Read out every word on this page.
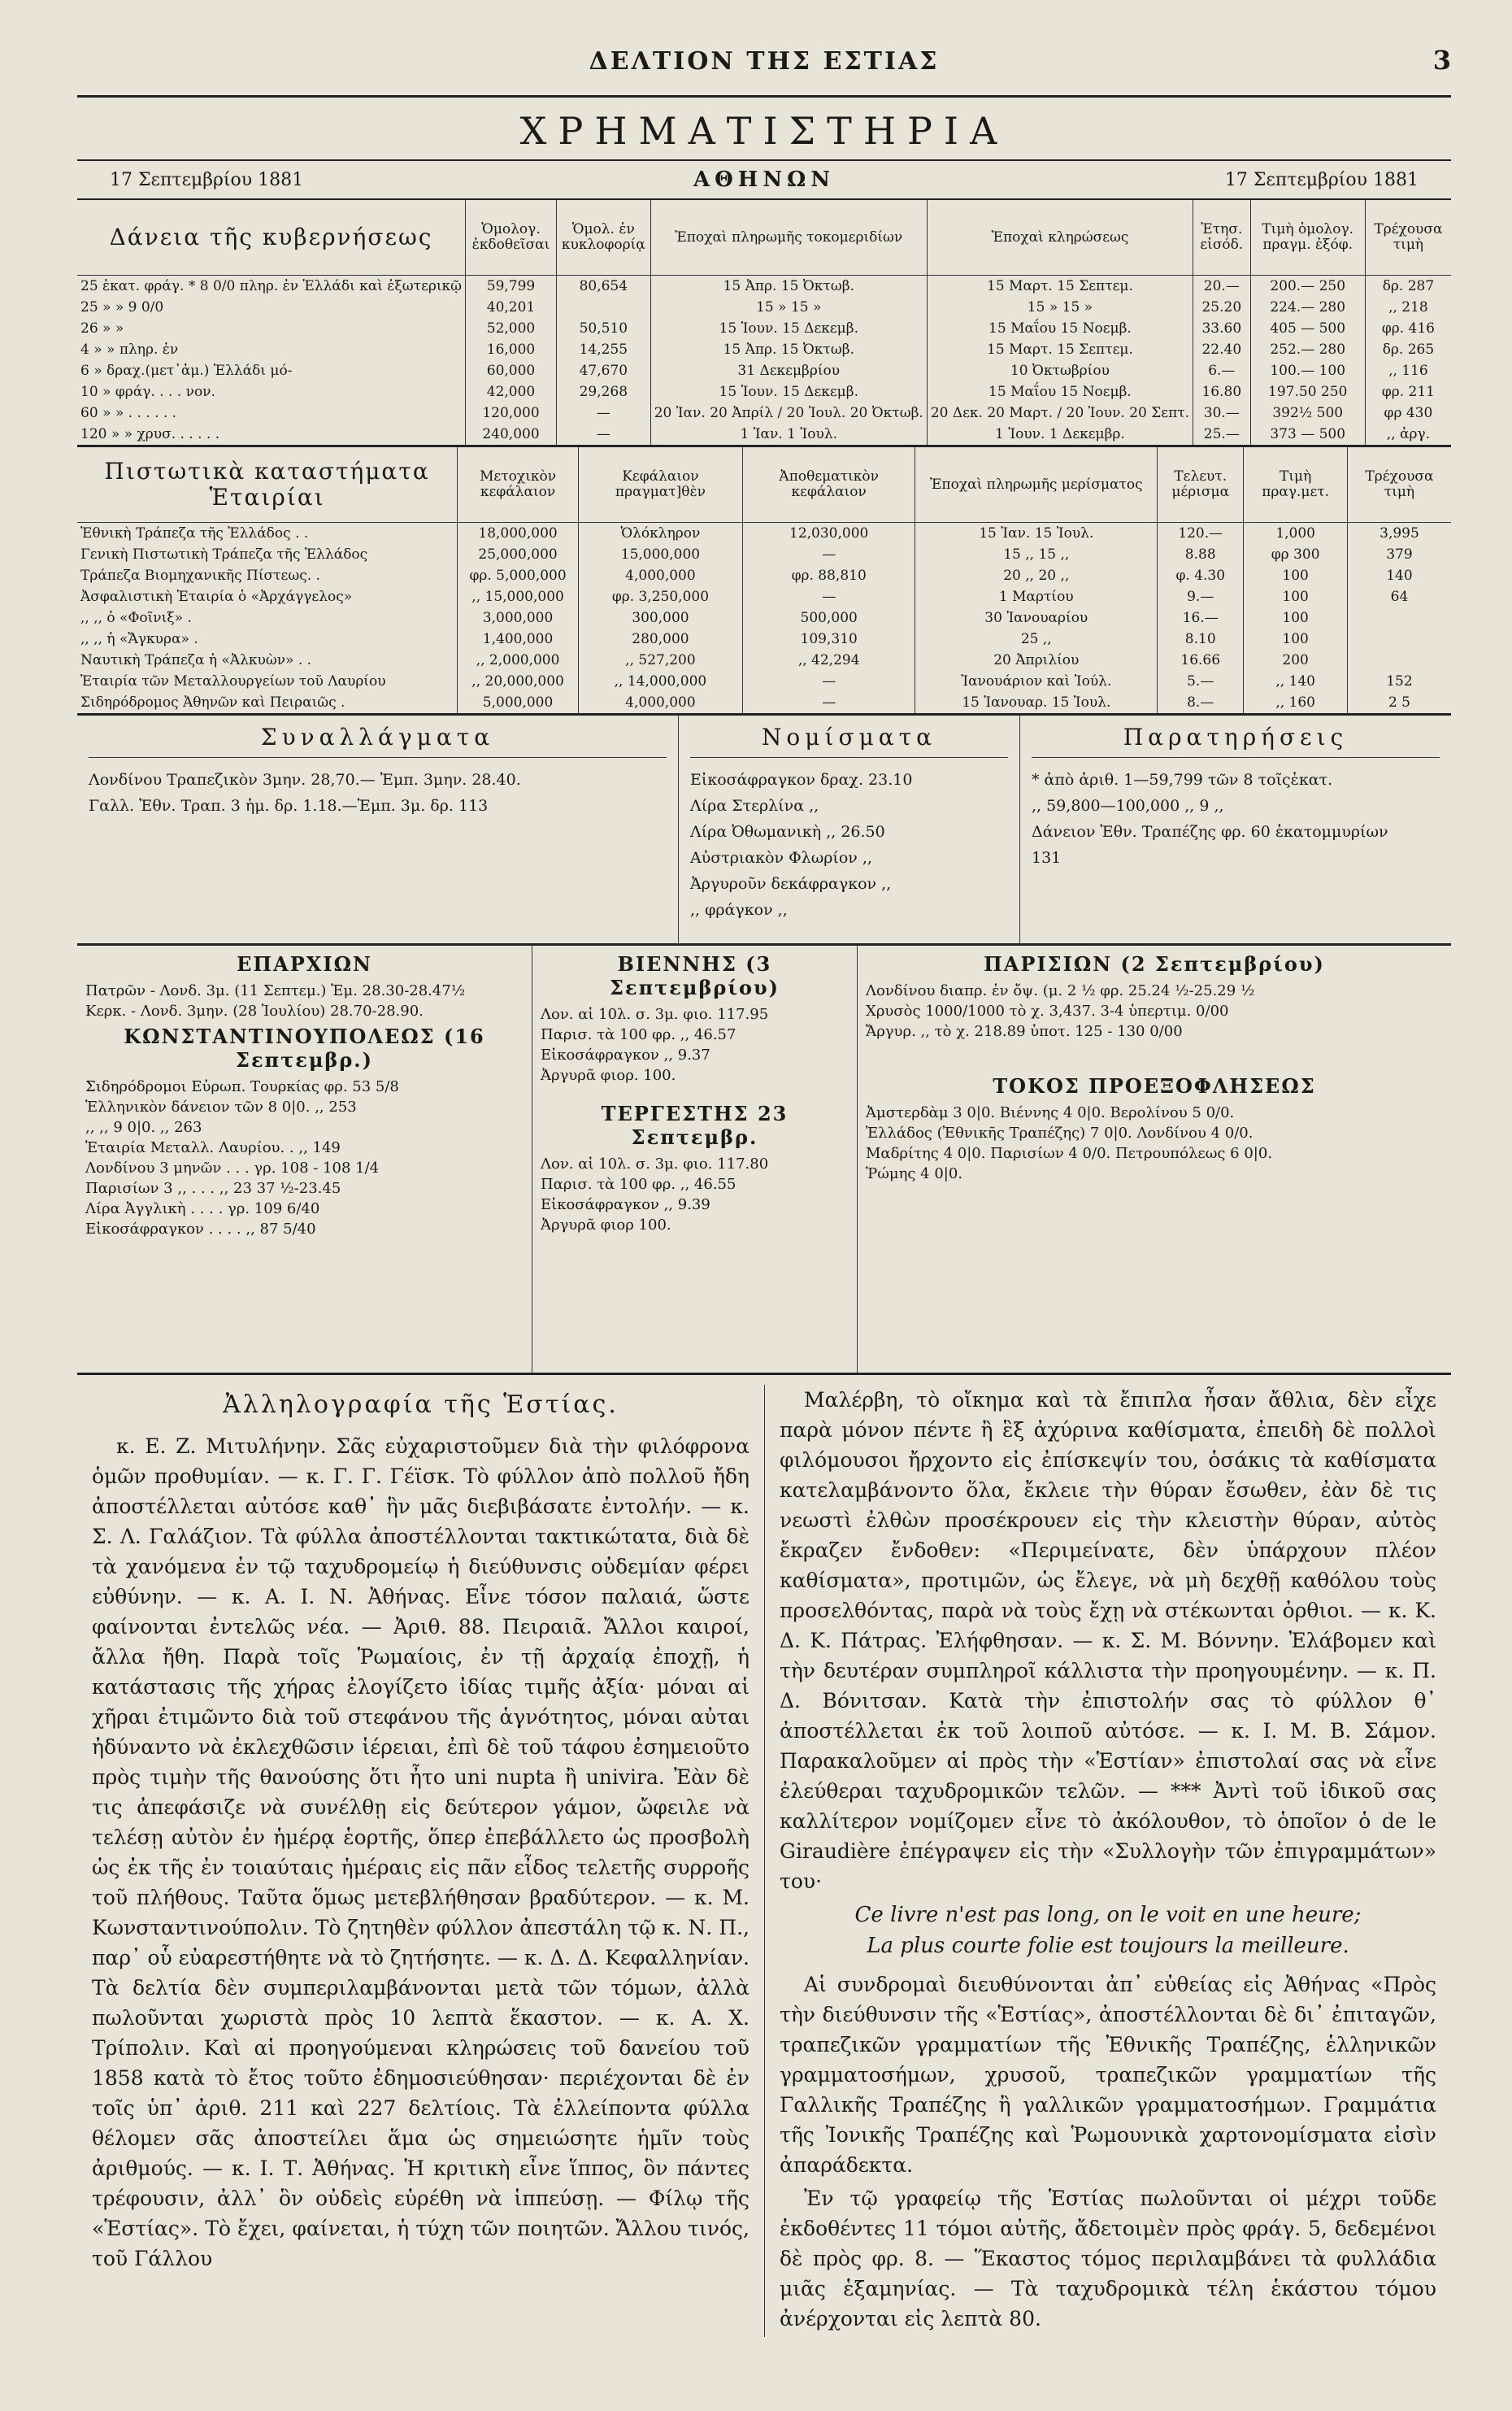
ΔΕΛΤΙΟΝ ΤΗΣ ΕΣΤΙΑΣ	3
ΧΡΗΜΑΤΙΣΤΗΡΙΑ
17 Σεπτεμβρίου 1881	ΑΘΗΝΩΝ	17 Σεπτεμβρίου 1881
Δάνεια τῆς κυβερνήσεως	Ὁμολογ. ἐκδοθεῖσαι	Ὁμολ. ἐν κυκλοφορίᾳ	Ἐποχαὶ πληρωμῆς τοκομεριδίων	Ἐποχαὶ κληρώσεως	Ἐτησ. εἰσόδ.	Τιμὴ ὁμολογ. πραγμ. ἐξόφ.	Τρέχουσα τιμὴ
25 ἑκατ. φράγ. * 8 0/0 πληρ. ἐν Ἑλλάδι καὶ ἐξωτερικῷ	59,799	80,654	15 Ἀπρ. 15 Ὀκτωβ.	15 Μαρτ. 15 Σεπτεμ.	20.—	200.— 250	δρ. 287
25 » » 9 0/0	40,201		15 » 15 »	15 » 15 »	25.20	224.— 280	,, 218
26 » »	52,000	50,510	15 Ἰουν. 15 Δεκεμβ.	15 Μαΐου 15 Νοεμβ.	33.60	405 — 500	φρ. 416
4 » » πληρ. ἐν	16,000	14,255	15 Ἀπρ. 15 Ὀκτωβ.	15 Μαρτ. 15 Σεπτεμ.	22.40	252.— 280	δρ. 265
6 » δραχ.(μετ᾽ἀμ.) Ἑλλάδι μό-	60,000	47,670	31 Δεκεμβρίου	10 Ὀκτωβρίου	6.—	100.— 100	,, 116
10 » φράγ. . . . νον.	42,000	29,268	15 Ἰουν. 15 Δεκεμβ.	15 Μαΐου 15 Νοεμβ.	16.80	197.50 250	φρ. 211
60 » » . . . . . .	120,000	—	20 Ἰαν. 20 Ἀπρίλ / 20 Ἰουλ. 20 Ὀκτωβ.	20 Δεκ. 20 Μαρτ. / 20 Ἰουν. 20 Σεπτ.	30.—	392½ 500	φρ 430
120 » » χρυσ. . . . . .	240,000	—	1 Ἰαν. 1 Ἰουλ.	1 Ἰουν. 1 Δεκεμβρ.	25.—	373 — 500	,, ἀργ.
Πιστωτικὰ καταστήματα Ἑταιρίαι	Μετοχικὸν κεφάλαιον	Κεφάλαιον πραγματ]θὲν	Ἀποθεματικὸν κεφάλαιον	Ἐποχαὶ πληρωμῆς μερίσματος	Τελευτ. μέρισμα	Τιμὴ πραγ.μετ.	Τρέχουσα τιμὴ
Ἐθνικὴ Τράπεζα τῆς Ἑλλάδος . .	18,000,000	Ὁλόκληρον	12,030,000	15 Ἰαν. 15 Ἰουλ.	120.—	1,000	3,995
Γενικὴ Πιστωτικὴ Τράπεζα τῆς Ἑλλάδος	25,000,000	15,000,000	—	15 ,, 15 ,,	8.88	φρ 300	379
Τράπεζα Βιομηχανικῆς Πίστεως. .	φρ. 5,000,000	4,000,000	φρ. 88,810	20 ,, 20 ,,	φ. 4.30	100	140
Ἀσφαλιστικὴ Ἑταιρία ὁ «Ἀρχάγγελος»	,, 15,000,000	φρ. 3,250,000	—	1 Μαρτίου	9.—	100	64
,, ,, ὁ «Φοῖνιξ» .	3,000,000	300,000	500,000	30 Ἰανουαρίου	16.—	100	
,, ,, ἡ «Ἄγκυρα» .	1,400,000	280,000	109,310	25 ,,	8.10	100	
Ναυτικὴ Τράπεζα ἡ «Ἀλκυὼν» . .	,, 2,000,000	,, 527,200	,, 42,294	20 Ἀπριλίου	16.66	200	
Ἑταιρία τῶν Μεταλλουργείων τοῦ Λαυρίου	,, 20,000,000	,, 14,000,000	—	Ἰανουάριον καὶ Ἰούλ.	5.—	,, 140	152
Σιδηρόδρομος Ἀθηνῶν καὶ Πειραιῶς .	5,000,000	4,000,000	—	15 Ἰανουαρ. 15 Ἰουλ.	8.—	,, 160	2 5
Συναλλάγματα

Λονδίνου Τραπεζικὸν 3μην. 28,70.— Ἐμπ. 3μην. 28.40.

Γαλλ. Ἐθν. Τραπ. 3 ἡμ. δρ. 1.18.—Ἐμπ. 3μ. δρ. 113

Νομίσματα

Εἰκοσάφραγκον δραχ. 23.10

Λίρα Στερλίνα ,,

Λίρα Ὀθωμανικὴ ,, 26.50

Αὐστριακὸν Φλωρίον ,,

Ἀργυροῦν δεκάφραγκον ,,

,, φράγκον ,,

Παρατηρήσεις

* ἀπὸ ἀριθ. 1—59,799 τῶν 8 τοῖςἑκατ.

,, 59,800—100,000 ,, 9 ,,

Δάνειον Ἐθν. Τραπέζης φρ. 60 ἑκατομμυρίων

131

ΕΠΑΡΧΙΩΝ

Πατρῶν - Λονδ. 3μ. (11 Σεπτεμ.) Ἐμ. 28.30-28.47½

Κερκ. - Λονδ. 3μην. (28 Ἰουλίου) 28.70-28.90.

ΚΩΝΣΤΑΝΤΙΝΟΥΠΟΛΕΩΣ (16 Σεπτεμβρ.)

Σιδηρόδρομοι Εὐρωπ. Τουρκίας φρ. 53 5/8

Ἑλληνικὸν δάνειον τῶν 8 0|0. ,, 253

,, ,, 9 0|0. ,, 263

Ἑταιρία Μεταλλ. Λαυρίου. . ,, 149

Λονδίνου 3 μηνῶν . . . γρ. 108 - 108 1/4

Παρισίων 3 ,, . . . ,, 23 37 ½-23.45

Λίρα Ἀγγλικὴ . . . . γρ. 109 6/40

Εἰκοσάφραγκον . . . . ,, 87 5/40

ΒΙΕΝΝΗΣ (3 Σεπτεμβρίου)

Λον. αἱ 10λ. σ. 3μ. φιο. 117.95

Παρισ. τὰ 100 φρ. ,, 46.57

Εἰκοσάφραγκον ,, 9.37

Ἀργυρᾶ φιορ. 100.

ΤΕΡΓΕΣΤΗΣ 23 Σεπτεμβρ.

Λον. αἱ 10λ. σ. 3μ. φιο. 117.80

Παρισ. τὰ 100 φρ. ,, 46.55

Εἰκοσάφραγκον ,, 9.39

Ἀργυρᾶ φιορ 100.

ΠΑΡΙΣΙΩΝ (2 Σεπτεμβρίου)

Λονδίνου διαπρ. ἐν ὄψ. (μ. 2 ½ φρ. 25.24 ½-25.29 ½

Χρυσὸς 1000/1000 τὸ χ. 3,437. 3-4 ὑπερτιμ. 0/00

Ἄργυρ. ,, τὸ χ. 218.89 ὑποτ. 125 - 130 0/00

ΤΟΚΟΣ ΠΡΟΕΞΟΦΛΗΣΕΩΣ

Ἀμστερδὰμ 3 0|0. Βιέννης 4 0|0. Βερολίνου 5 0/0.

Ἑλλάδος (Ἐθνικῆς Τραπέζης) 7 0|0. Λονδίνου 4 0/0.

Μαδρίτης 4 0|0. Παρισίων 4 0/0. Πετρουπόλεως 6 0|0.

Ῥώμης 4 0|0.

Ἀλληλογραφία τῆς Ἑστίας.

κ. Ε. Ζ. Μιτυλήνην. Σᾶς εὐχαριστοῦμεν διὰ τὴν φιλόφρονα ὁμῶν προθυμίαν. — κ. Γ. Γ. Γέϊσκ. Τὸ φύλλον ἀπὸ πολλοῦ ἤδη ἀποστέλλεται αὐτόσε καθ᾽ ἣν μᾶς διεβιβάσατε ἐντολήν. — κ. Σ. Λ. Γαλάζιον. Τὰ φύλλα ἀποστέλλονται τακτικώτατα, διὰ δὲ τὰ χανόμενα ἐν τῷ ταχυδρομείῳ ἡ διεύθυνσις οὐδεμίαν φέρει εὐθύνην. — κ. Α. Ι. Ν. Ἀθήνας. Εἶνε τόσον παλαιά, ὥστε φαίνονται ἐντελῶς νέα. — Ἀριθ. 88. Πειραιᾶ. Ἄλλοι καιροί, ἄλλα ἤθη. Παρὰ τοῖς Ῥωμαίοις, ἐν τῇ ἀρχαίᾳ ἐποχῇ, ἡ κατάστασις τῆς χήρας ἐλογίζετο ἰδίας τιμῆς ἀξία· μόναι αἱ χῆραι ἐτιμῶντο διὰ τοῦ στεφάνου τῆς ἁγνότητος, μόναι αὐται ἠδύναντο νὰ ἐκλεχθῶσιν ἱέρειαι, ἐπὶ δὲ τοῦ τάφου ἐσημειοῦτο πρὸς τιμὴν τῆς θανούσης ὅτι ἦτο uni nupta ἢ univira. Ἐὰν δὲ τις ἀπεφάσιζε νὰ συνέλθῃ εἰς δεύτερον γάμον, ὤφειλε νὰ τελέσῃ αὐτὸν ἐν ἡμέρᾳ ἑορτῆς, ὅπερ ἐπεβάλλετο ὡς προσβολὴ ὡς ἐκ τῆς ἐν τοιαύταις ἡμέραις εἰς πᾶν εἶδος τελετῆς συρροῆς τοῦ πλήθους. Ταῦτα ὅμως μετεβλήθησαν βραδύτερον. — κ. Μ. Κωνσταντινούπολιν. Τὸ ζητηθὲν φύλλον ἀπεστάλη τῷ κ. Ν. Π., παρ᾽ οὗ εὐαρεστήθητε νὰ τὸ ζητήσητε. — κ. Δ. Δ. Κεφαλληνίαν. Τὰ δελτία δὲν συμπεριλαμβάνονται μετὰ τῶν τόμων, ἀλλὰ πωλοῦνται χωριστὰ πρὸς 10 λεπτὰ ἕκαστον. — κ. Α. Χ. Τρίπολιν. Καὶ αἱ προηγούμεναι κληρώσεις τοῦ δανείου τοῦ 1858 κατὰ τὸ ἔτος τοῦτο ἐδημοσιεύθησαν· περιέχονται δὲ ἐν τοῖς ὑπ᾽ ἀριθ. 211 καὶ 227 δελτίοις. Τὰ ἐλλείποντα φύλλα θέλομεν σᾶς ἀποστείλει ἅμα ὡς σημειώσητε ἡμῖν τοὺς ἀριθμούς. — κ. Ι. Τ. Ἀθήνας. Ἡ κριτικὴ εἶνε ἵππος, ὃν πάντες τρέφουσιν, ἀλλ᾽ ὃν οὐδεὶς εὑρέθη νὰ ἱππεύσῃ. — Φίλῳ τῆς «Ἑστίας». Τὸ ἔχει, φαίνεται, ἡ τύχη τῶν ποιητῶν. Ἄλλου τινός, τοῦ Γάλλου

Μαλέρβη, τὸ οἴκημα καὶ τὰ ἔπιπλα ἦσαν ἄθλια, δὲν εἶχε παρὰ μόνον πέντε ἢ ἓξ ἀχύρινα καθίσματα, ἐπειδὴ δὲ πολλοὶ φιλόμουσοι ἤρχοντο εἰς ἐπίσκεψίν του, ὁσάκις τὰ καθίσματα κατελαμβάνοντο ὅλα, ἔκλειε τὴν θύραν ἔσωθεν, ἐὰν δὲ τις νεωστὶ ἐλθὼν προσέκρουεν εἰς τὴν κλειστὴν θύραν, αὐτὸς ἔκραζεν ἔνδοθεν: «Περιμείνατε, δὲν ὑπάρχουν πλέον καθίσματα», προτιμῶν, ὡς ἔλεγε, νὰ μὴ δεχθῇ καθόλου τοὺς προσελθόντας, παρὰ νὰ τοὺς ἔχῃ νὰ στέκωνται ὀρθιοι. — κ. Κ. Δ. Κ. Πάτρας. Ἐλήφθησαν. — κ. Σ. Μ. Βόννην. Ἐλάβομεν καὶ τὴν δευτέραν συμπληροῖ κάλλιστα τὴν προηγουμένην. — κ. Π. Δ. Βόνιτσαν. Κατὰ τὴν ἐπιστολήν σας τὸ φύλλον θ᾽ ἀποστέλλεται ἐκ τοῦ λοιποῦ αὐτόσε. — κ. Ι. Μ. Β. Σάμον. Παρακαλοῦμεν αἱ πρὸς τὴν «Ἑστίαν» ἐπιστολαί σας νὰ εἶνε ἐλεύθεραι ταχυδρομικῶν τελῶν. — *** Ἀντὶ τοῦ ἰδικοῦ σας καλλίτερον νομίζομεν εἶνε τὸ ἀκόλουθον, τὸ ὁποῖον ὁ de le Giraudière ἐπέγραψεν εἰς τὴν «Συλλογὴν τῶν ἐπιγραμμάτων» του·

Ce livre n'est pas long, on le voit en une heure;
La plus courte folie est toujours la meilleure.

Αἱ συνδρομαὶ διευθύνονται ἀπ᾽ εὐθείας εἰς Ἀθήνας «Πρὸς τὴν διεύθυνσιν τῆς «Ἑστίας», ἀποστέλλονται δὲ δι᾽ ἐπιταγῶν, τραπεζικῶν γραμματίων τῆς Ἐθνικῆς Τραπέζης, ἑλληνικῶν γραμματοσήμων, χρυσοῦ, τραπεζικῶν γραμματίων τῆς Γαλλικῆς Τραπέζης ἢ γαλλικῶν γραμματοσήμων. Γραμμάτια τῆς Ἰονικῆς Τραπέζης καὶ Ῥωμουνικὰ χαρτονομίσματα εἰσὶν ἀπαράδεκτα.

Ἐν τῷ γραφείῳ τῆς Ἑστίας πωλοῦνται οἱ μέχρι τοῦδε ἐκδοθέντες 11 τόμοι αὐτῆς, ἄδετοιμὲν πρὸς φράγ. 5, δεδεμένοι δὲ πρὸς φρ. 8. — Ἕκαστος τόμος περιλαμβάνει τὰ φυλλάδια μιᾶς ἑξαμηνίας. — Τὰ ταχυδρομικὰ τέλη ἑκάστου τόμου ἀνέρχονται εἰς λεπτὰ 80.
